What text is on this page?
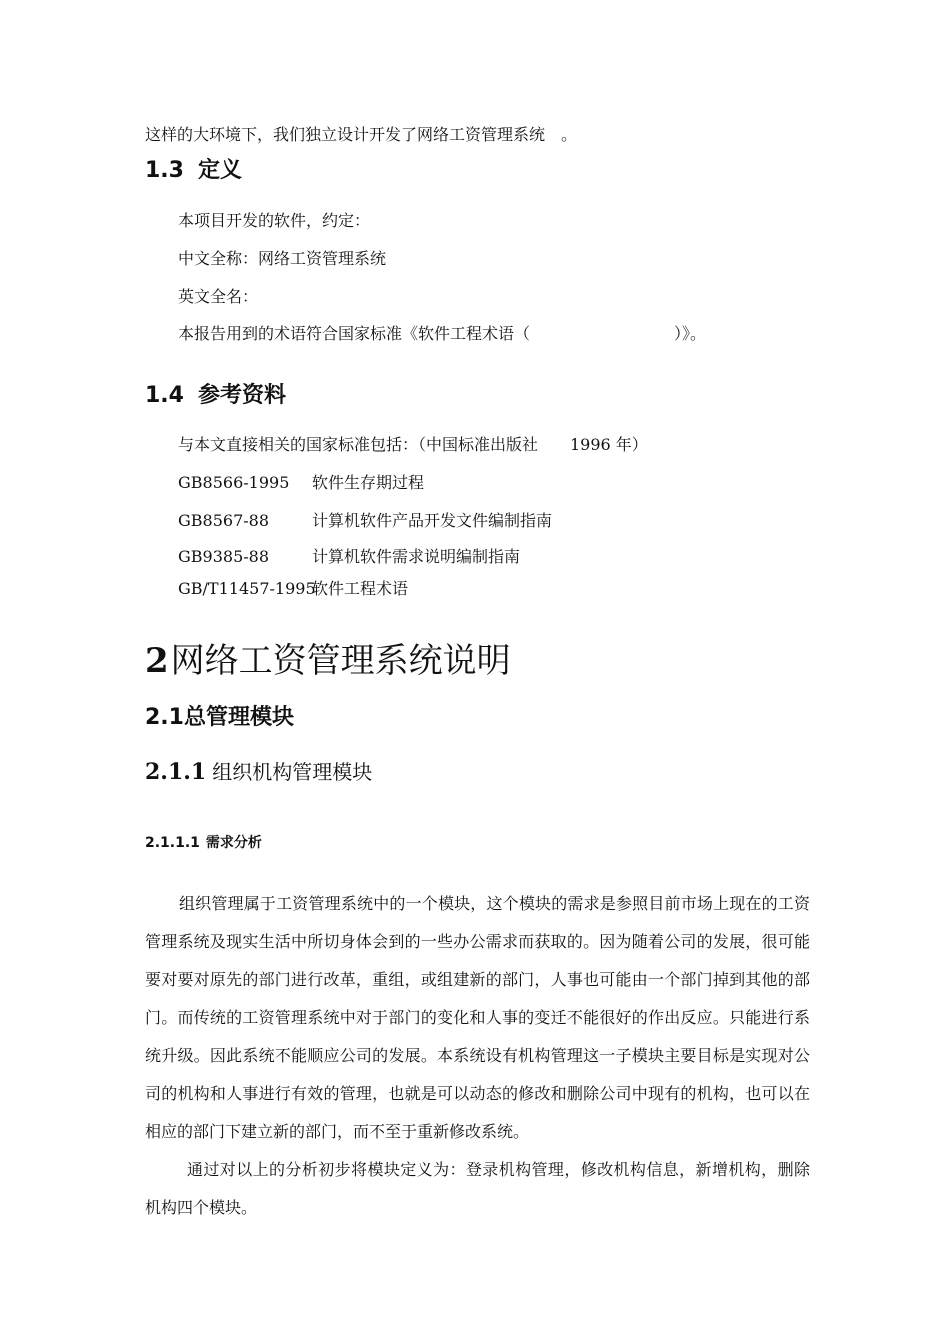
这样的大环境下，我们独立设计开发了网络工资管理系统　。
1.3 定义
本项目开发的软件，约定：
中文全称：网络工资管理系统
英文全名：
本报告用到的术语符合国家标准《软件工程术语（　　　　　　　　　）》。
1.4 参考资料
与本文直接相关的国家标准包括：（中国标准出版社　　1996 年）
GB8566-1995 软件生存期过程
GB8567-88	计算机软件产品开发文件编制指南
GB9385-88	计算机软件需求说明编制指南
GB/T11457-1995软件工程术语
2网络工资管理系统说明
2.1总管理模块
2.1.1 组织机构管理模块
2.1.1.1 需求分析

组织管理属于工资管理系统中的一个模块，这个模块的需求是参照目前市场上现在的工资管理系统及现实生活中所切身体会到的一些办公需求而获取的。因为随着公司的发展，很可能要对要对原先的部门进行改革，重组，或组建新的部门，人事也可能由一个部门掉到其他的部门。而传统的工资管理系统中对于部门的变化和人事的变迁不能很好的作出反应。只能进行系统升级。因此系统不能顺应公司的发展。本系统设有机构管理这一子模块主要目标是实现对公司的机构和人事进行有效的管理，也就是可以动态的修改和删除公司中现有的机构，也可以在相应的部门下建立新的部门，而不至于重新修改系统。

通过对以上的分析初步将模块定义为：登录机构管理，修改机构信息，新增机构，删除机构四个模块。
